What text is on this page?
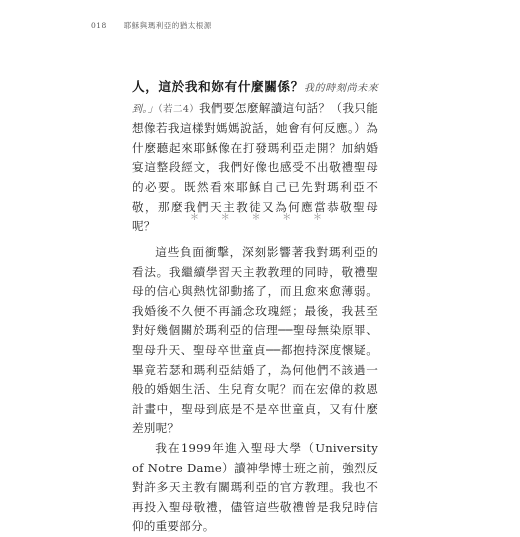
018 耶穌與瑪利亞的猶太根源

人，這於我和妳有什麼關係？我的時刻尚未來到。」（若二4）我們要怎麼解讀這句話？（我只能想像若我這樣對媽媽說話，她會有何反應。）為什麼聽起來耶穌像在打發瑪利亞走開？加納婚宴這整段經文，我們好像也感受不出敬禮聖母的必要。既然看來耶穌自己已先對瑪利亞不敬，那麼我們天主教徒又為何應當恭敬聖母呢？

＊ ＊ ＊ ＊ ＊

這些負面衝擊，深刻影響著我對瑪利亞的看法。我繼續學習天主教教理的同時，敬禮聖母的信心與熱忱卻動搖了，而且愈來愈薄弱。我婚後不久便不再誦念玫瑰經；最後，我甚至對好幾個關於瑪利亞的信理──聖母無染原罪、聖母升天、聖母卒世童貞──都抱持深度懷疑。畢竟若瑟和瑪利亞結婚了，為何他們不該過一般的婚姻生活、生兒育女呢？而在宏偉的救恩計畫中，聖母到底是不是卒世童貞，又有什麼差別呢？

我在1999年進入聖母大學（University of Notre Dame）讀神學博士班之前，強烈反對許多天主教有關瑪利亞的官方教理。我也不再投入聖母敬禮，儘管這些敬禮曾是我兒時信仰的重要部分。
